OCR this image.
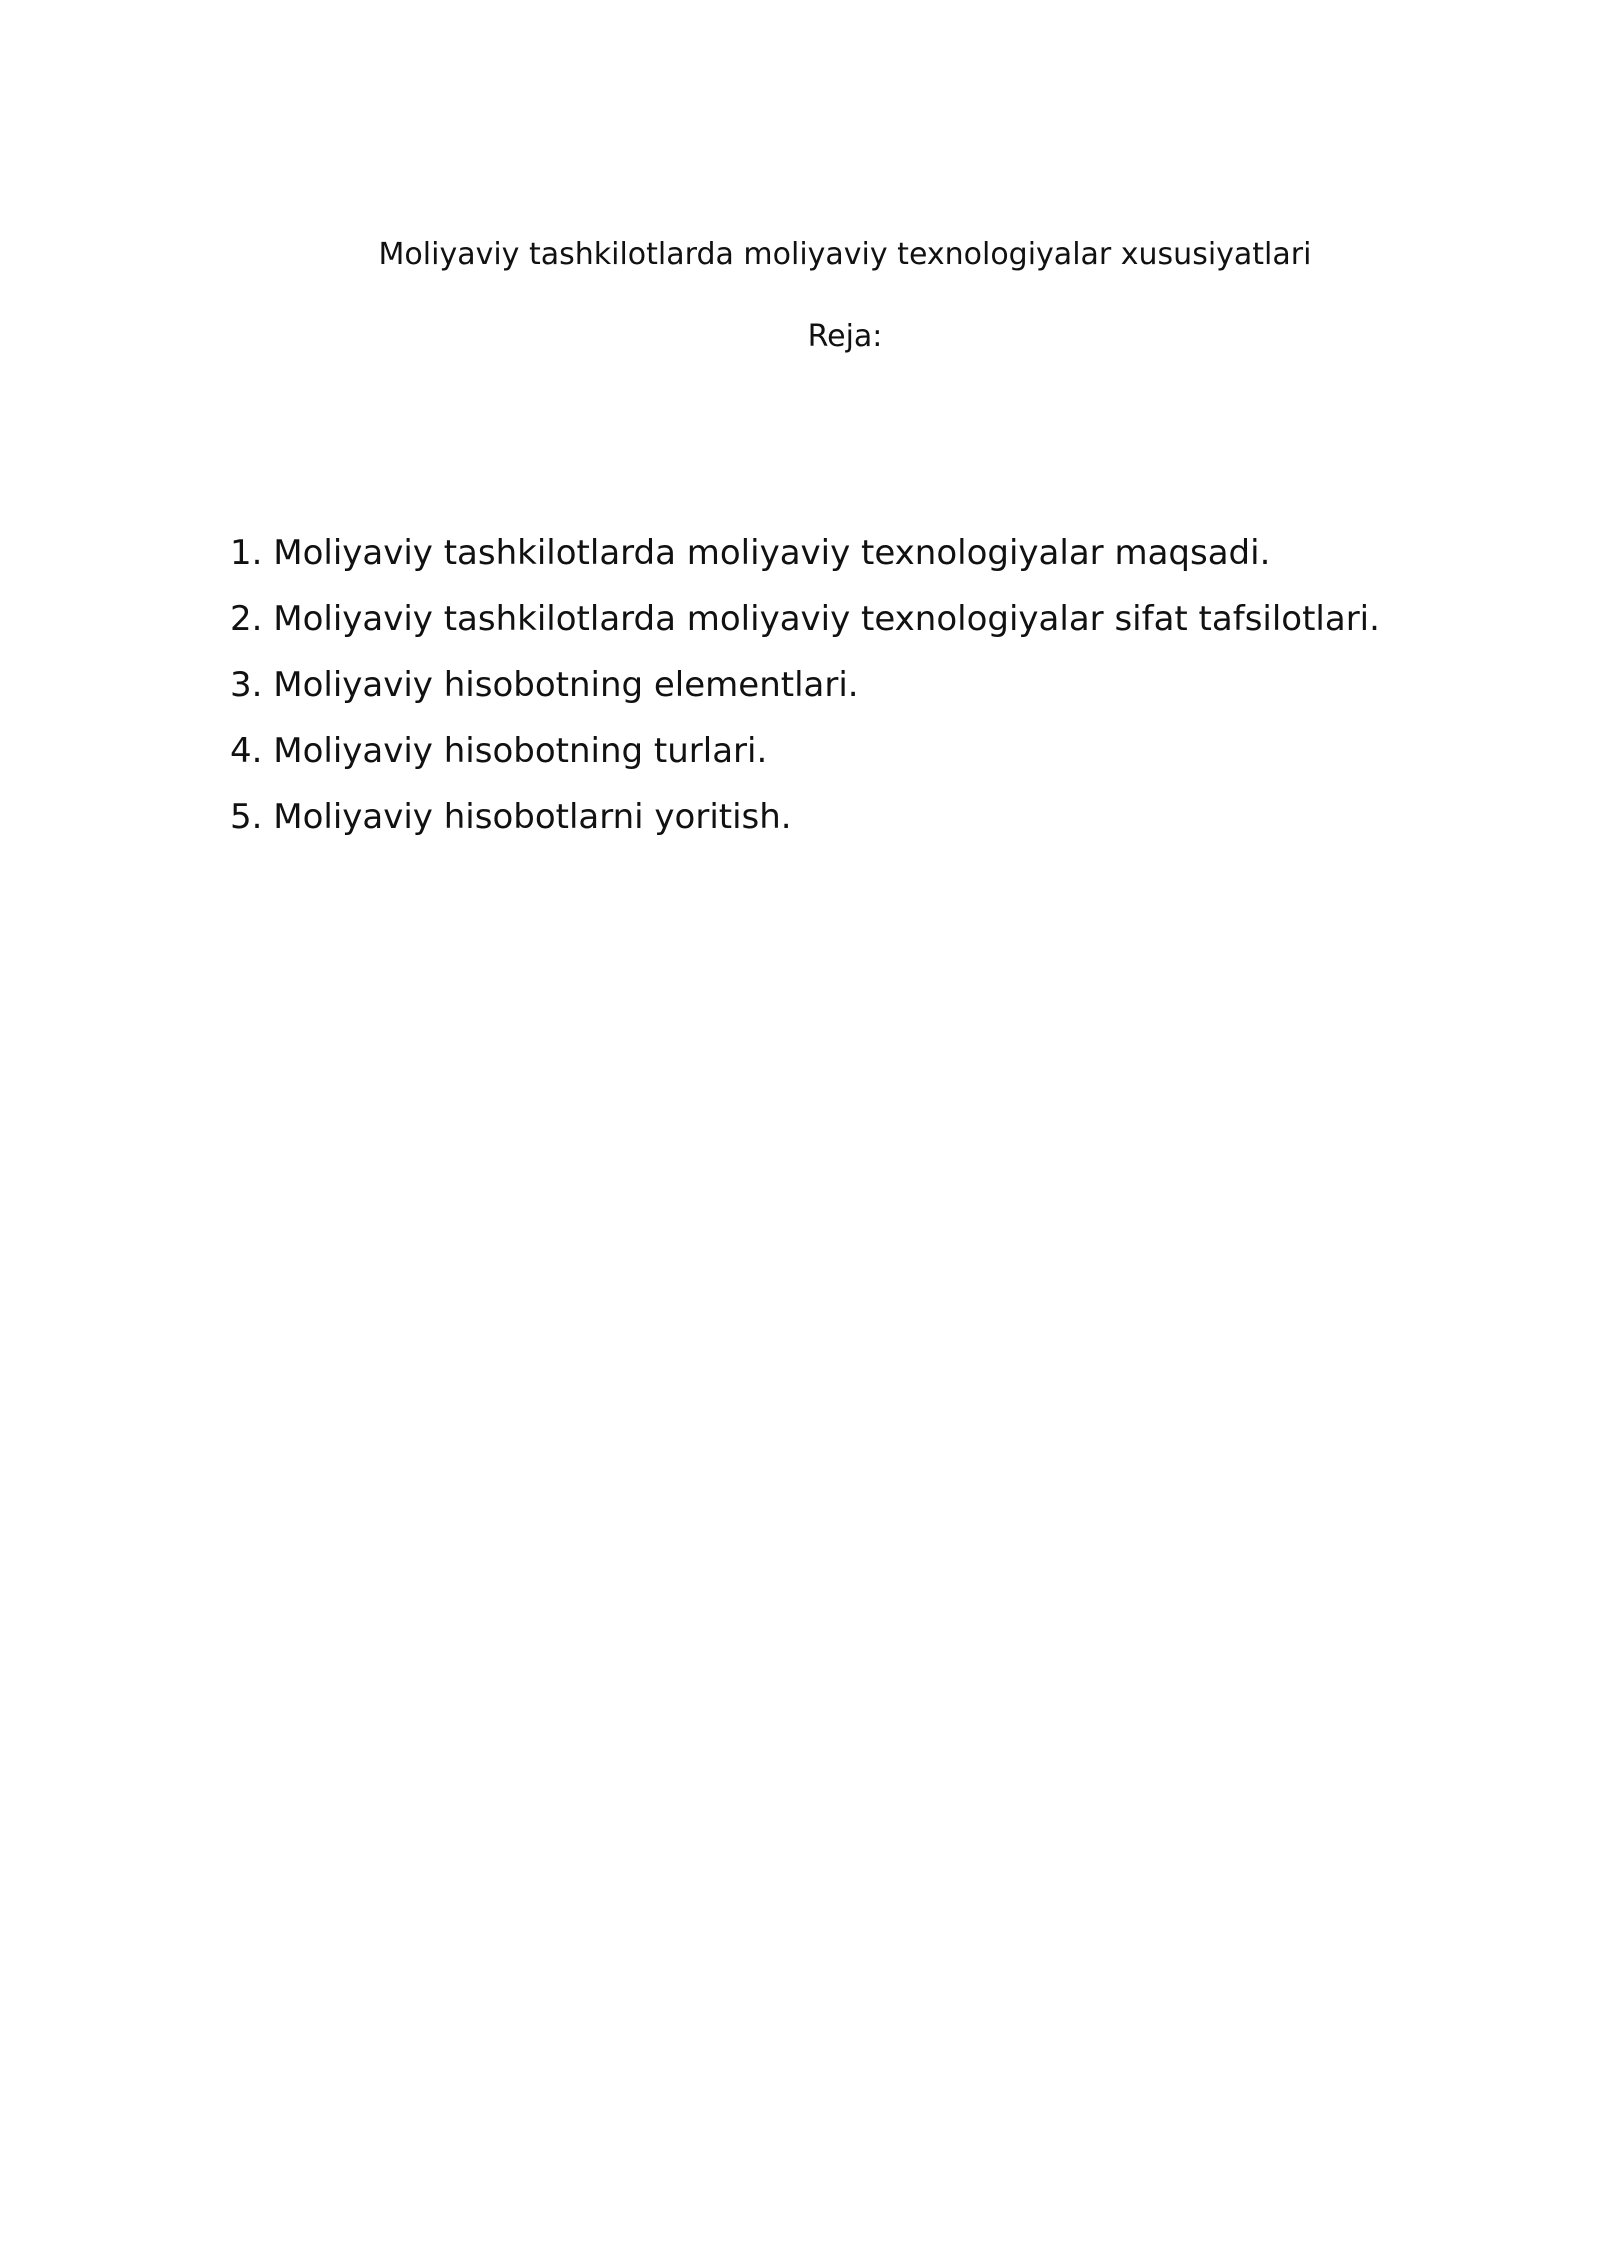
Moliyaviy tashkilotlarda moliyaviy texnologiyalar xususiyatlari
Reja:
1. Moliyaviy tashkilotlarda moliyaviy texnologiyalar maqsadi.
2. Moliyaviy tashkilotlarda moliyaviy texnologiyalar sifat tafsilotlari.
3. Moliyaviy hisobotning elementlari.
4. Moliyaviy hisobotning turlari.
5. Moliyaviy hisobotlarni yoritish.
